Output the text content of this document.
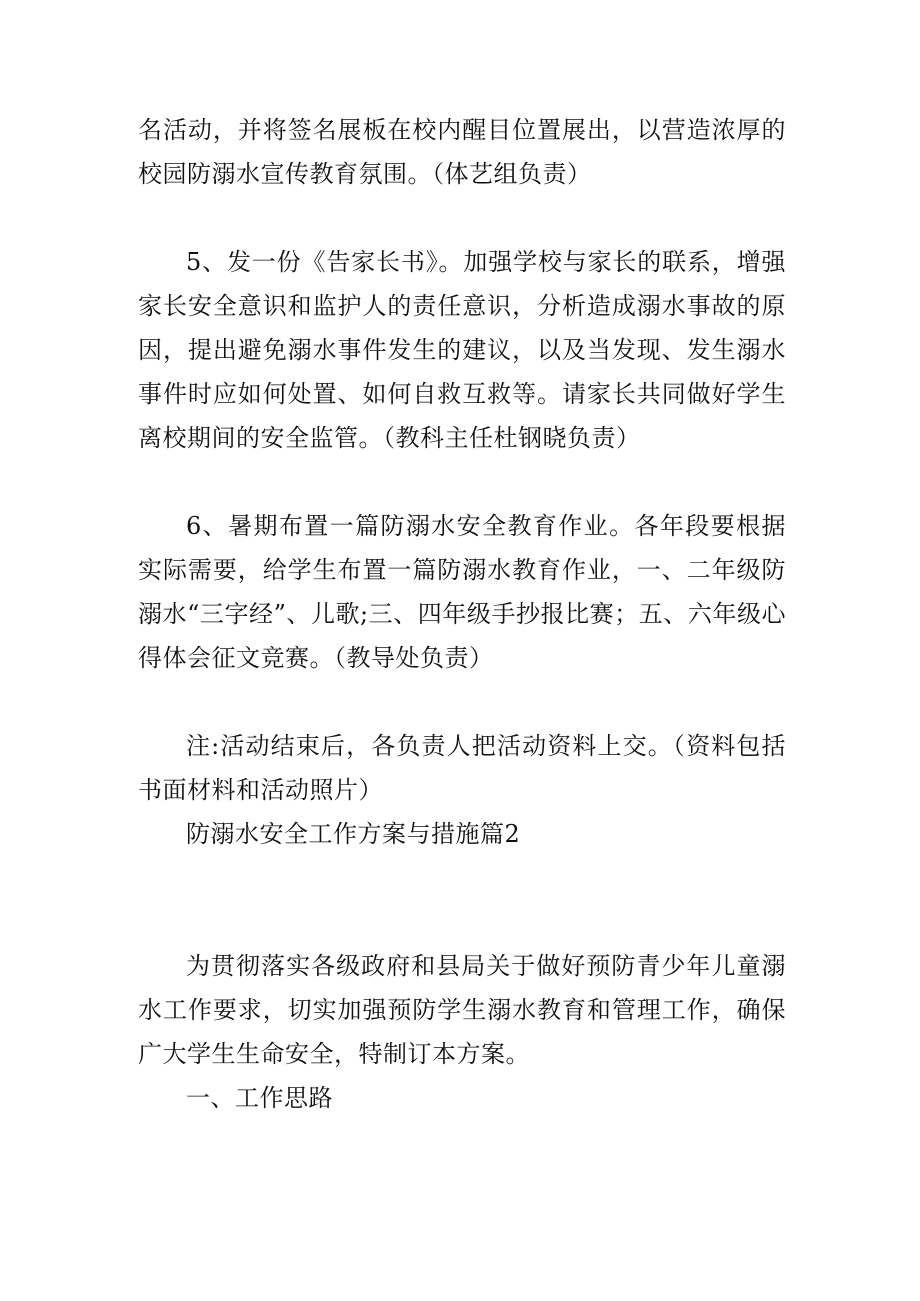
名活动，并将签名展板在校内醒目位置展出，以营造浓厚的校园防溺水宣传教育氛围。（体艺组负责）

5、发一份《告家长书》。加强学校与家长的联系，增强家长安全意识和监护人的责任意识，分析造成溺水事故的原因，提出避免溺水事件发生的建议，以及当发现、发生溺水事件时应如何处置、如何自救互救等。请家长共同做好学生离校期间的安全监管。（教科主任杜钢晓负责）

6、暑期布置一篇防溺水安全教育作业。各年段要根据实际需要，给学生布置一篇防溺水教育作业，一、二年级防溺水“三字经”、儿歌;三、四年级手抄报比赛；五、六年级心得体会征文竞赛。（教导处负责）

注:活动结束后，各负责人把活动资料上交。（资料包括书面材料和活动照片）

防溺水安全工作方案与措施篇2

为贯彻落实各级政府和县局关于做好预防青少年儿童溺水工作要求，切实加强预防学生溺水教育和管理工作，确保广大学生生命安全，特制订本方案。

一、工作思路
